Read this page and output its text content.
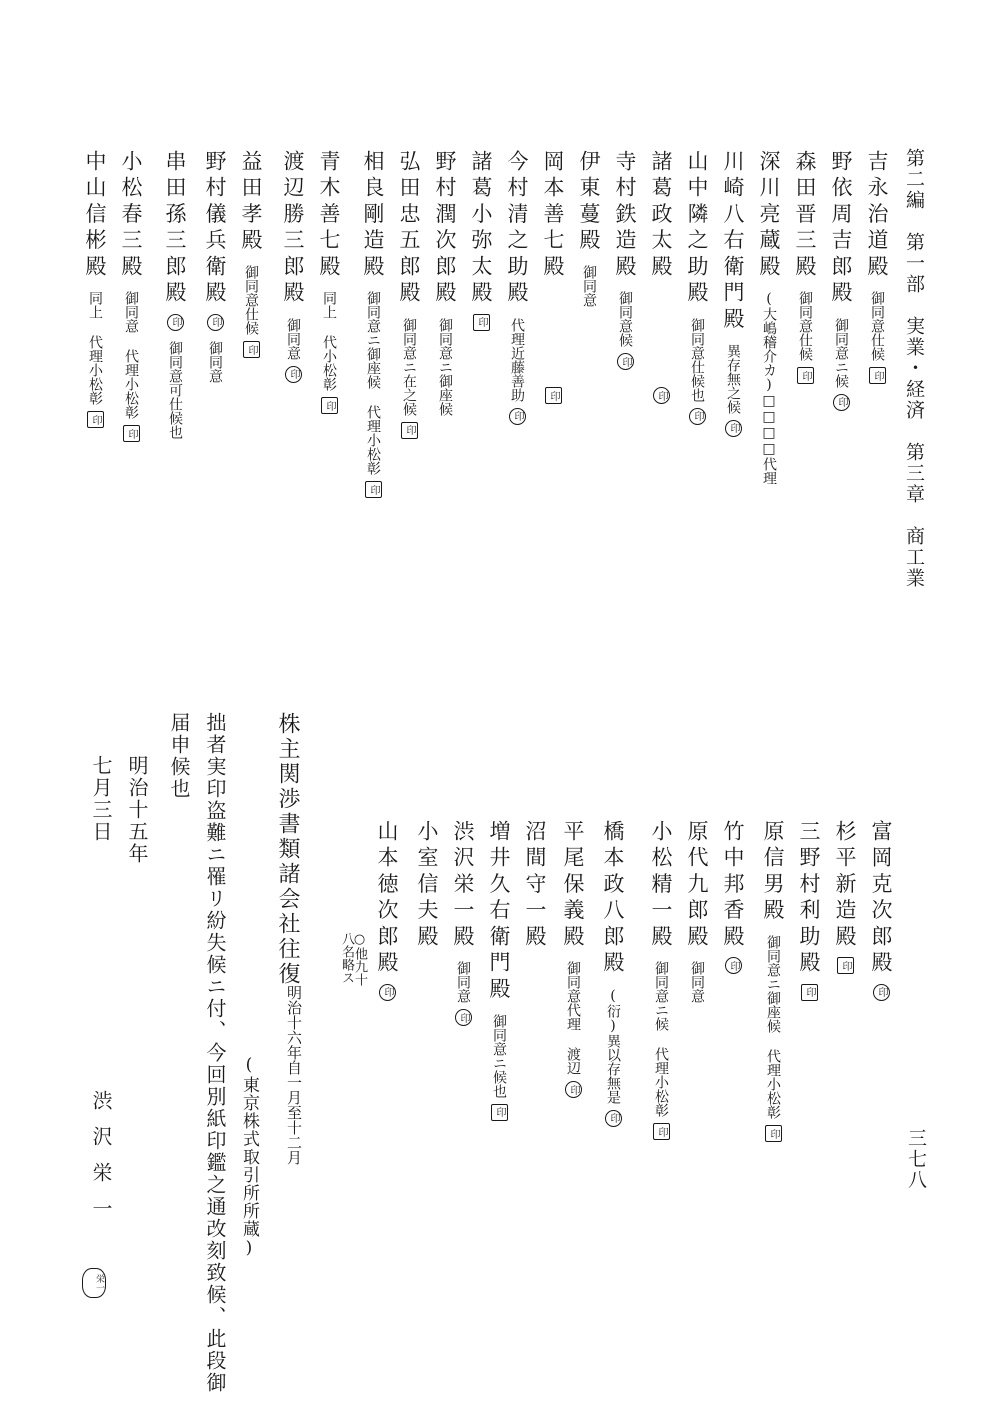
第二編　第一部　実業・経済　第三章　商工業
三七八
吉永治道殿御同意仕候印
野依周吉郎殿御同意ニ候印
森田晋三殿御同意仕候印
深川亮蔵殿(大嶋稽介カ)□□□□代理
川崎八右衛門殿異存無之候印
山中隣之助殿御同意仕候也印
諸葛政太殿印
寺村鉄造殿御同意候印
伊東蔓殿御同意
岡本善七殿印
今村清之助殿代理近藤善助印
諸葛小弥太殿印
野村潤次郎殿御同意ニ御座候
弘田忠五郎殿御同意ニ在之候印
相良剛造殿御同意ニ御座候 代理小松彰印
青木善七殿同上 代小松彰印
渡辺勝三郎殿御同意印
益田孝殿御同意仕候印
野村儀兵衛殿印御同意
串田孫三郎殿印御同意可仕候也
小松春三殿御同意 代理小松彰印
中山信彬殿同上 代理小松彰印
富岡克次郎殿印
杉平新造殿印
三野村利助殿印
原信男殿御同意ニ御座候 代理小松彰印
竹中邦香殿印
原代九郎殿御同意
小松精一殿御同意ニ候 代理小松彰印
橋本政八郎殿(衍)異以存無是印
平尾保義殿御同意代理 渡辺印
沼間守一殿
増井久右衛門殿御同意ニ候也印
渋沢栄一殿御同意印
小室信夫殿
山本徳次郎殿印
○他九十八名略ス
株主関渉書類諸会社往復
明治十六年自一月至十二月
(東京株式取引所所蔵)
拙者実印盗難ニ罹リ紛失候ニ付、今回別紙印鑑之通改刻致候、此段御
届申候也
明治十五年
七月三日
渋沢栄一
栄一
